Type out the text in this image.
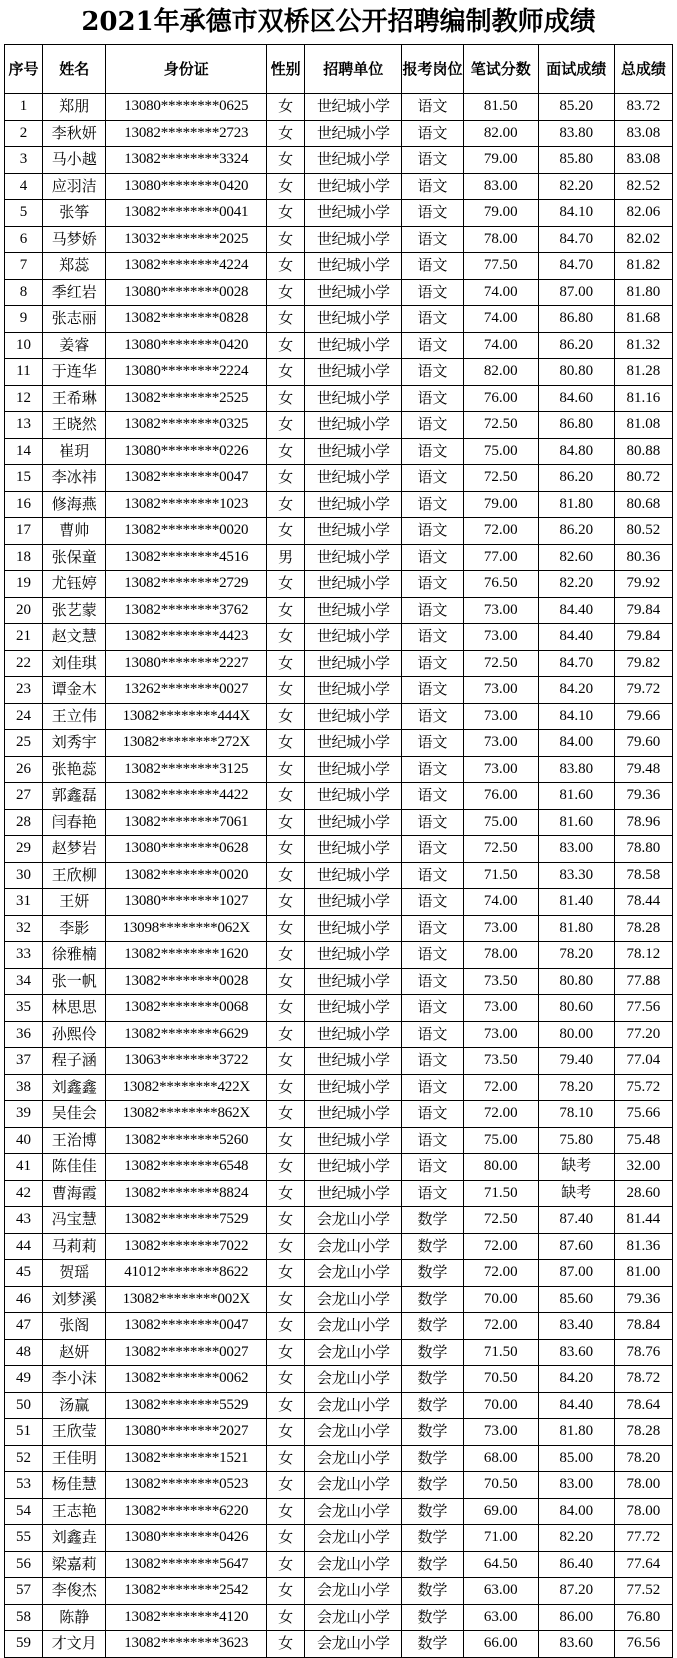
2021年承德市双桥区公开招聘编制教师成绩
序号	姓名	身份证	性别	招聘单位	报考岗位	笔试分数	面试成绩	总成绩
1	郑朋	13080********0625	女	世纪城小学	语文	81.50	85.20	83.72
2	李秋妍	13082********2723	女	世纪城小学	语文	82.00	83.80	83.08
3	马小越	13082********3324	女	世纪城小学	语文	79.00	85.80	83.08
4	应羽洁	13080********0420	女	世纪城小学	语文	83.00	82.20	82.52
5	张筝	13082********0041	女	世纪城小学	语文	79.00	84.10	82.06
6	马梦娇	13032********2025	女	世纪城小学	语文	78.00	84.70	82.02
7	郑蕊	13082********4224	女	世纪城小学	语文	77.50	84.70	81.82
8	季红岩	13080********0028	女	世纪城小学	语文	74.00	87.00	81.80
9	张志丽	13082********0828	女	世纪城小学	语文	74.00	86.80	81.68
10	姜睿	13080********0420	女	世纪城小学	语文	74.00	86.20	81.32
11	于连华	13080********2224	女	世纪城小学	语文	82.00	80.80	81.28
12	王希琳	13082********2525	女	世纪城小学	语文	76.00	84.60	81.16
13	王晓然	13082********0325	女	世纪城小学	语文	72.50	86.80	81.08
14	崔玥	13080********0226	女	世纪城小学	语文	75.00	84.80	80.88
15	李冰祎	13082********0047	女	世纪城小学	语文	72.50	86.20	80.72
16	修海燕	13082********1023	女	世纪城小学	语文	79.00	81.80	80.68
17	曹帅	13082********0020	女	世纪城小学	语文	72.00	86.20	80.52
18	张保童	13082********4516	男	世纪城小学	语文	77.00	82.60	80.36
19	尤钰婷	13082********2729	女	世纪城小学	语文	76.50	82.20	79.92
20	张艺蒙	13082********3762	女	世纪城小学	语文	73.00	84.40	79.84
21	赵文慧	13082********4423	女	世纪城小学	语文	73.00	84.40	79.84
22	刘佳琪	13080********2227	女	世纪城小学	语文	72.50	84.70	79.82
23	谭金木	13262********0027	女	世纪城小学	语文	73.00	84.20	79.72
24	王立伟	13082********444X	女	世纪城小学	语文	73.00	84.10	79.66
25	刘秀宇	13082********272X	女	世纪城小学	语文	73.00	84.00	79.60
26	张艳蕊	13082********3125	女	世纪城小学	语文	73.00	83.80	79.48
27	郭鑫磊	13082********4422	女	世纪城小学	语文	76.00	81.60	79.36
28	闫春艳	13082********7061	女	世纪城小学	语文	75.00	81.60	78.96
29	赵梦岩	13080********0628	女	世纪城小学	语文	72.50	83.00	78.80
30	王欣柳	13082********0020	女	世纪城小学	语文	71.50	83.30	78.58
31	王妍	13080********1027	女	世纪城小学	语文	74.00	81.40	78.44
32	李影	13098********062X	女	世纪城小学	语文	73.00	81.80	78.28
33	徐雅楠	13082********1620	女	世纪城小学	语文	78.00	78.20	78.12
34	张一帆	13082********0028	女	世纪城小学	语文	73.50	80.80	77.88
35	林思思	13082********0068	女	世纪城小学	语文	73.00	80.60	77.56
36	孙熙伶	13082********6629	女	世纪城小学	语文	73.00	80.00	77.20
37	程子涵	13063********3722	女	世纪城小学	语文	73.50	79.40	77.04
38	刘鑫鑫	13082********422X	女	世纪城小学	语文	72.00	78.20	75.72
39	吴佳会	13082********862X	女	世纪城小学	语文	72.00	78.10	75.66
40	王治博	13082********5260	女	世纪城小学	语文	75.00	75.80	75.48
41	陈佳佳	13082********6548	女	世纪城小学	语文	80.00	缺考	32.00
42	曹海霞	13082********8824	女	世纪城小学	语文	71.50	缺考	28.60
43	冯宝慧	13082********7529	女	会龙山小学	数学	72.50	87.40	81.44
44	马莉莉	13082********7022	女	会龙山小学	数学	72.00	87.60	81.36
45	贺瑶	41012********8622	女	会龙山小学	数学	72.00	87.00	81.00
46	刘梦溪	13082********002X	女	会龙山小学	数学	70.00	85.60	79.36
47	张阁	13082********0047	女	会龙山小学	数学	72.00	83.40	78.84
48	赵妍	13082********0027	女	会龙山小学	数学	71.50	83.60	78.76
49	李小沫	13082********0062	女	会龙山小学	数学	70.50	84.20	78.72
50	汤赢	13082********5529	女	会龙山小学	数学	70.00	84.40	78.64
51	王欣莹	13080********2027	女	会龙山小学	数学	73.00	81.80	78.28
52	王佳明	13082********1521	女	会龙山小学	数学	68.00	85.00	78.20
53	杨佳慧	13082********0523	女	会龙山小学	数学	70.50	83.00	78.00
54	王志艳	13082********6220	女	会龙山小学	数学	69.00	84.00	78.00
55	刘鑫垚	13080********0426	女	会龙山小学	数学	71.00	82.20	77.72
56	梁嘉莉	13082********5647	女	会龙山小学	数学	64.50	86.40	77.64
57	李俊杰	13082********2542	女	会龙山小学	数学	63.00	87.20	77.52
58	陈静	13082********4120	女	会龙山小学	数学	63.00	86.00	76.80
59	才文月	13082********3623	女	会龙山小学	数学	66.00	83.60	76.56
